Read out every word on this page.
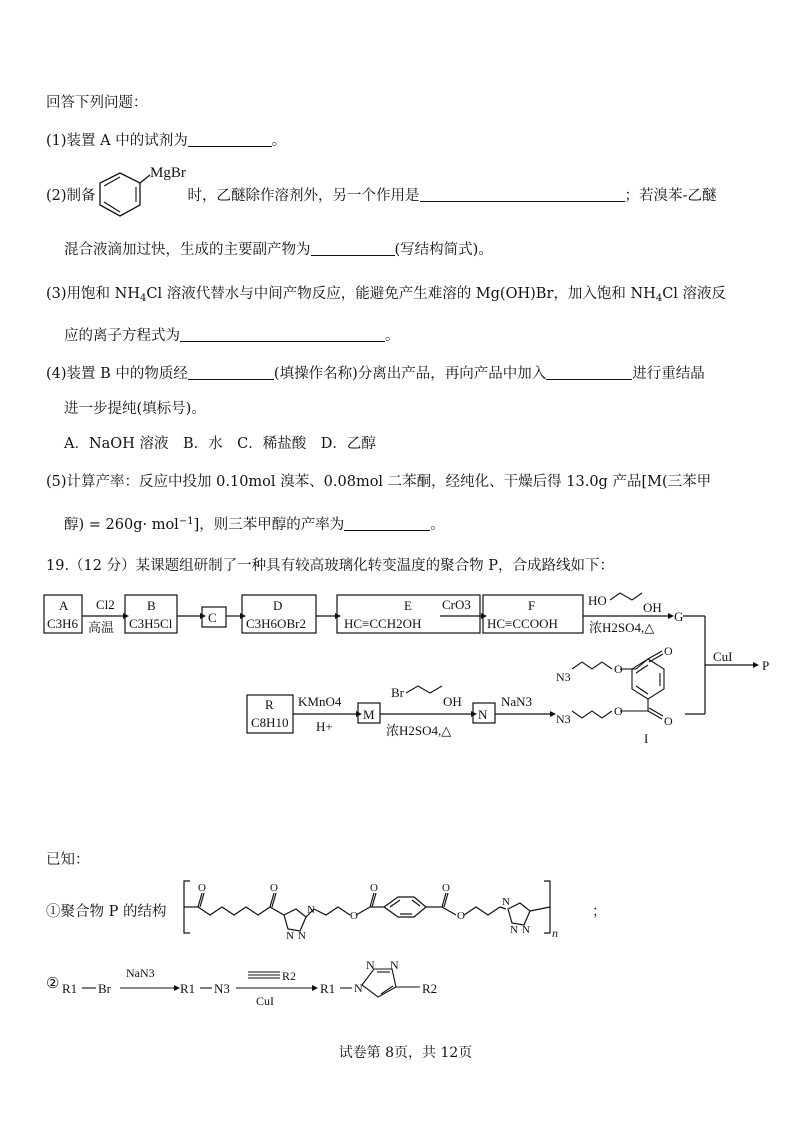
回答下列问题：
(1)装置 A 中的试剂为	。
(2)制备	时，乙醚除作溶剂外，另一个作用是	；若溴苯-乙醚
MgBr
混合液滴加过快，生成的主要副产物为	(写结构简式)。
(3)用饱和 $NH_4Cl$ 溶液代替水与中间产物反应，能避免产生难溶的 Mg(OH)Br，加入饱和 $NH_4Cl$ 溶液反
应的离子方程式为	。
(4)装置 B 中的物质经	(填操作名称)分离出产品，再向产品中加入	进行重结晶
进一步提纯(填标号)。
A．NaOH 溶液　B．水　C．稀盐酸　D．乙醇
(5)计算产率：反应中投加 0.10mol 溴苯、0.08mol 二苯酮，经纯化、干燥后得 13.0g 产品[M(三苯甲
醇) = 260g· mol$^{-1}$]，则三苯甲醇的产率为	。
19.（12 分）某课题组研制了一种具有较高玻璃化转变温度的聚合物 P，合成路线如下：
A
C3H6
Cl2
高温
B
C3H5Cl	C
D
C3H6OBr2
E
HC≡CCH2OH
CrO3	F
HC≡CCOOH
HO	OH
浓H2SO4,△
G
CuI
P
O
O
O
O
N3
N3
I
R
C8H10
KMnO4
H+
M
Br
OH
浓H2SO4,△
N
NaN3
已知：
①聚合物 P 的结构
O	O	O	O
O	O
N
N N
N
N N n
；
② R1 Br
NaN3
R1 N3
R2
CuI
R1 N
N N
R2
试卷第 8页，共 12页
